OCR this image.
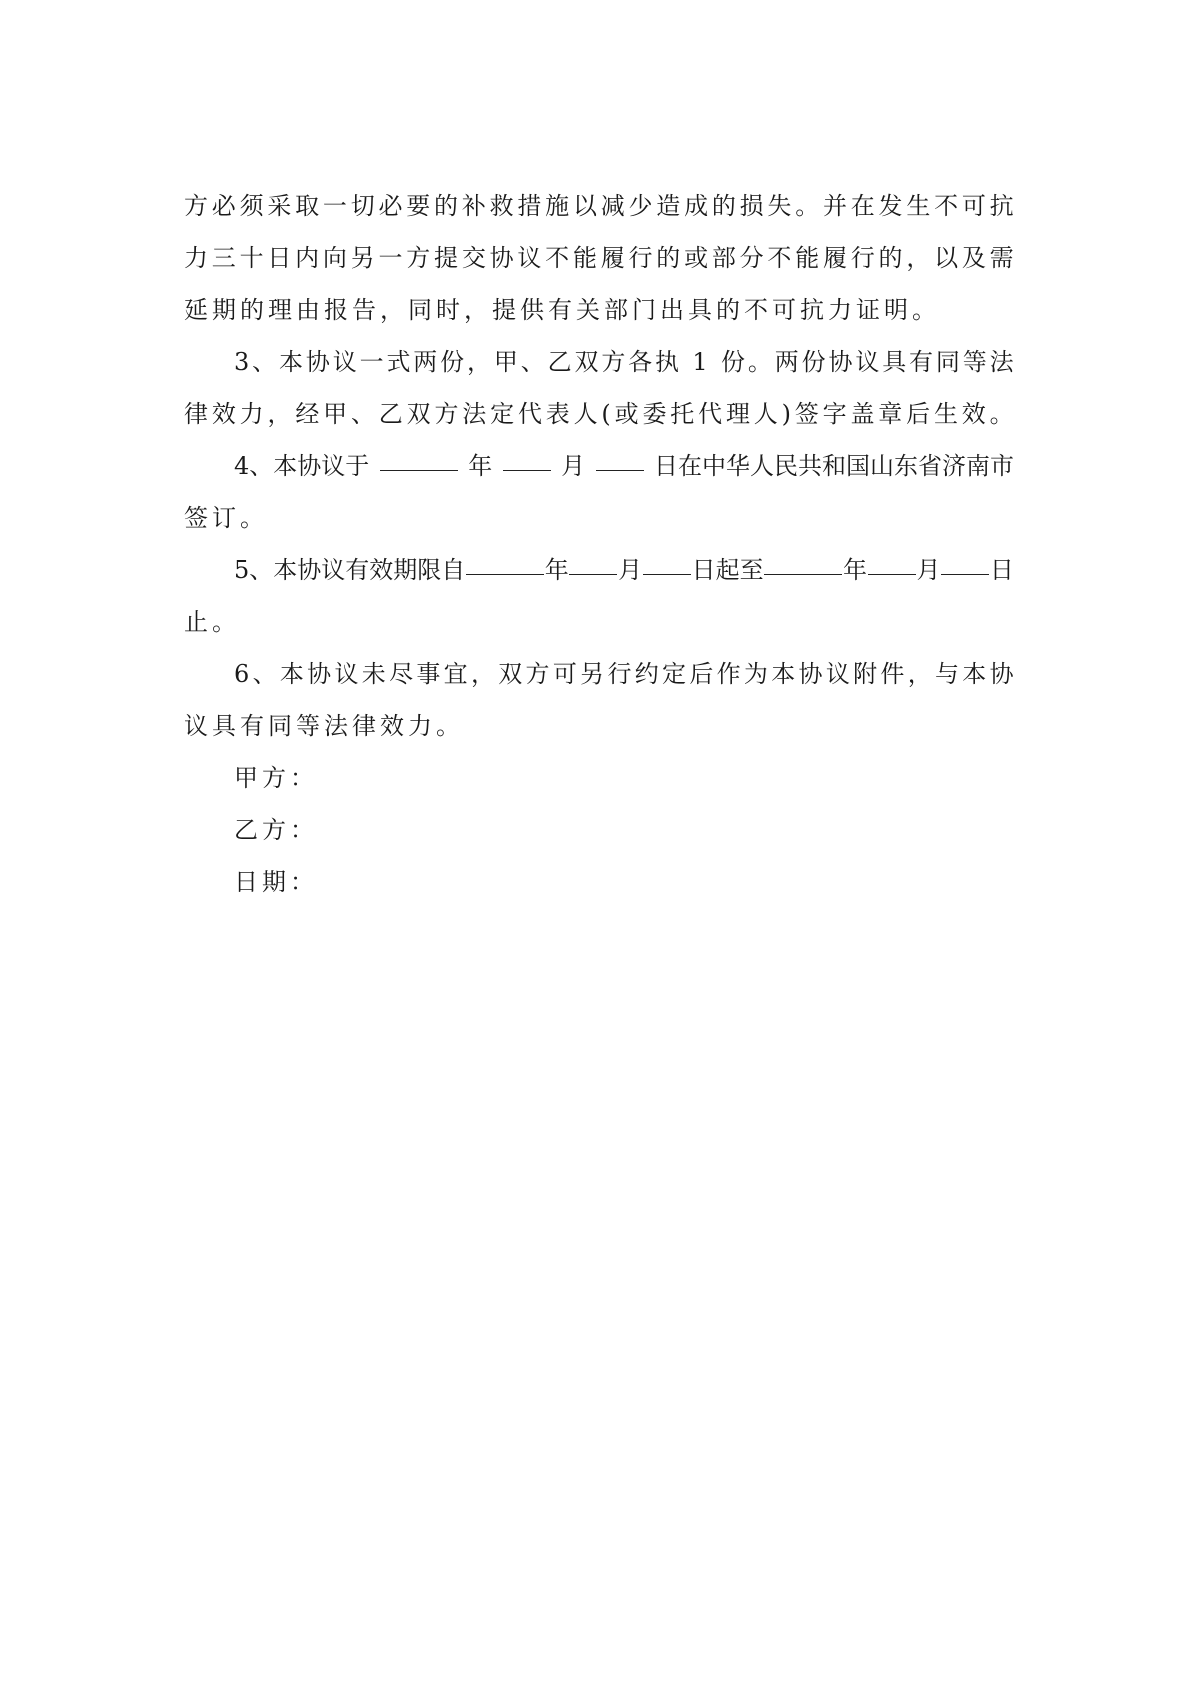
方 必 须 采 取 一 切 必 要 的 补 救 措 施 以 减 少 造 成 的 损 失 。 并 在 发 生 不 可 抗
力 三 十 日 内 向 另 一 方 提 交 协 议 不 能 履 行 的 或 部 分 不 能 履 行 的 ， 以 及 需
延期的理由报告，同时，提供有关部门出具的不可抗力证明。
3 、 本 协 议 一 式 两 份 ， 甲 、 乙 双 方 各 执
1
份 。 两 份 协 议 具 有 同 等 法
律 效 力 ， 经 甲 、 乙 双 方 法 定 代 表 人 ( 或 委 托 代 理 人 ) 签 字 盖 章 后 生 效 。
4、本协议于	年	月	日在中华人民共和国山东省济南市
签订。
5、本协议有效期限自	年 月 日起至	年 月 日
止。
6 、 本 协 议 未 尽 事 宜 ， 双 方 可 另 行 约 定 后 作 为 本 协 议 附 件 ， 与 本 协
议具有同等法律效力。
甲方：
乙方：
日期：
